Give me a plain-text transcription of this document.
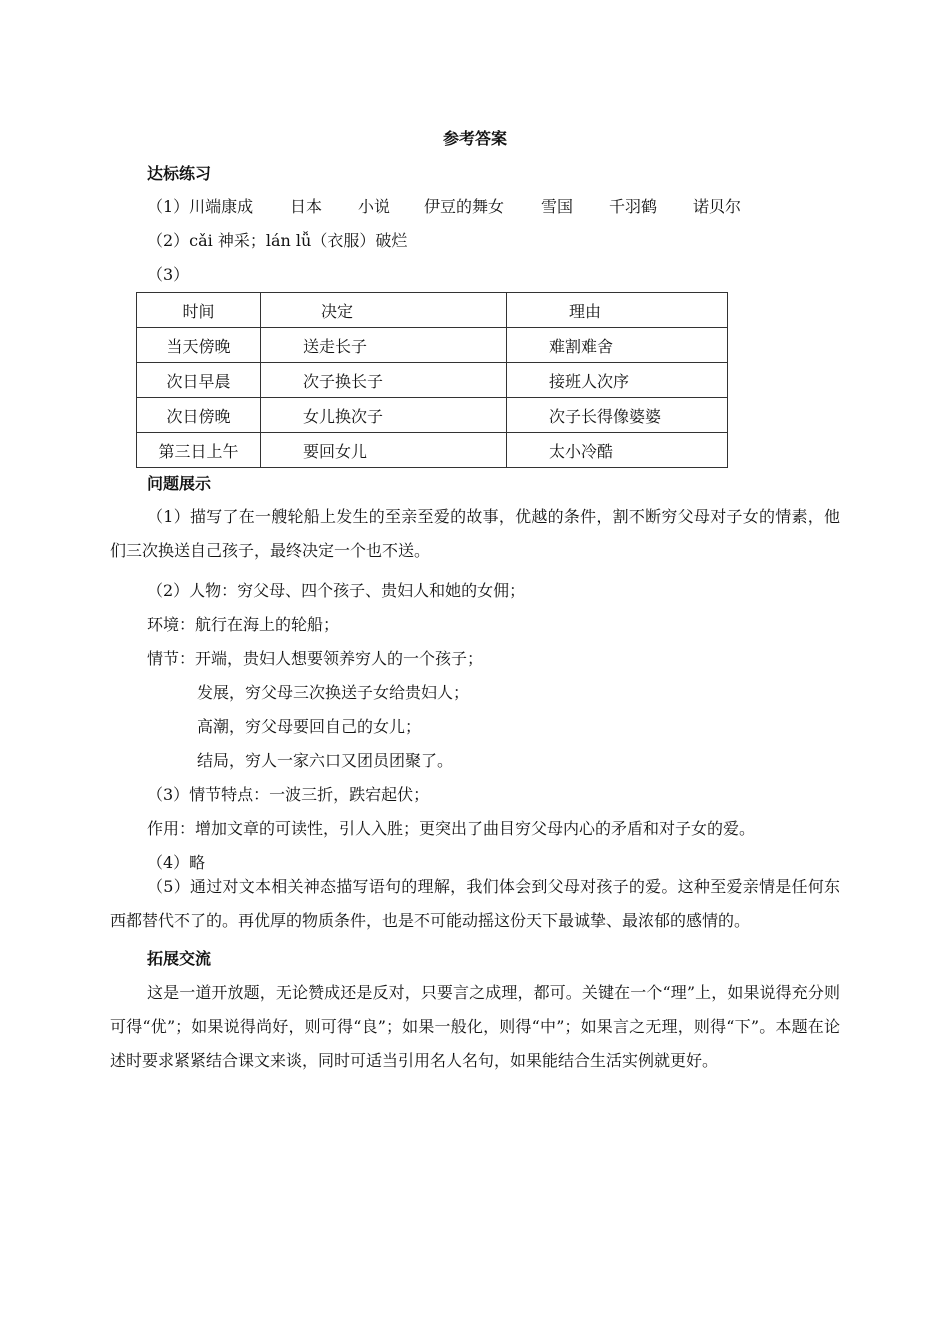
参考答案
达标练习
（1）川端康成 日本 小说 伊豆的舞女 雪国 千羽鹤 诺贝尔
（2）cǎi 神采；lán lǚ（衣服）破烂
（3）
时间	决定	理由
当天傍晚	送走长子	难割难舍
次日早晨	次子换长子	接班人次序
次日傍晚	女儿换次子	次子长得像婆婆
第三日上午	要回女儿	太小冷酷
问题展示
（1）描写了在一艘轮船上发生的至亲至爱的故事，优越的条件，割不断穷父母对子女的情素，他们三次换送自己孩子，最终决定一个也不送。
（2）人物：穷父母、四个孩子、贵妇人和她的女佣；
环境：航行在海上的轮船；
情节：开端，贵妇人想要领养穷人的一个孩子；
发展，穷父母三次换送子女给贵妇人；
高潮，穷父母要回自己的女儿；
结局，穷人一家六口又团员团聚了。
（3）情节特点：一波三折，跌宕起伏；
作用：增加文章的可读性，引人入胜；更突出了曲目穷父母内心的矛盾和对子女的爱。
（4）略
（5）通过对文本相关神态描写语句的理解，我们体会到父母对孩子的爱。这种至爱亲情是任何东西都替代不了的。再优厚的物质条件，也是不可能动摇这份天下最诚挚、最浓郁的感情的。
拓展交流
这是一道开放题，无论赞成还是反对，只要言之成理，都可。关键在一个“理”上，如果说得充分则可得“优”；如果说得尚好，则可得“良”；如果一般化，则得“中”；如果言之无理，则得“下”。本题在论述时要求紧紧结合课文来谈，同时可适当引用名人名句，如果能结合生活实例就更好。
